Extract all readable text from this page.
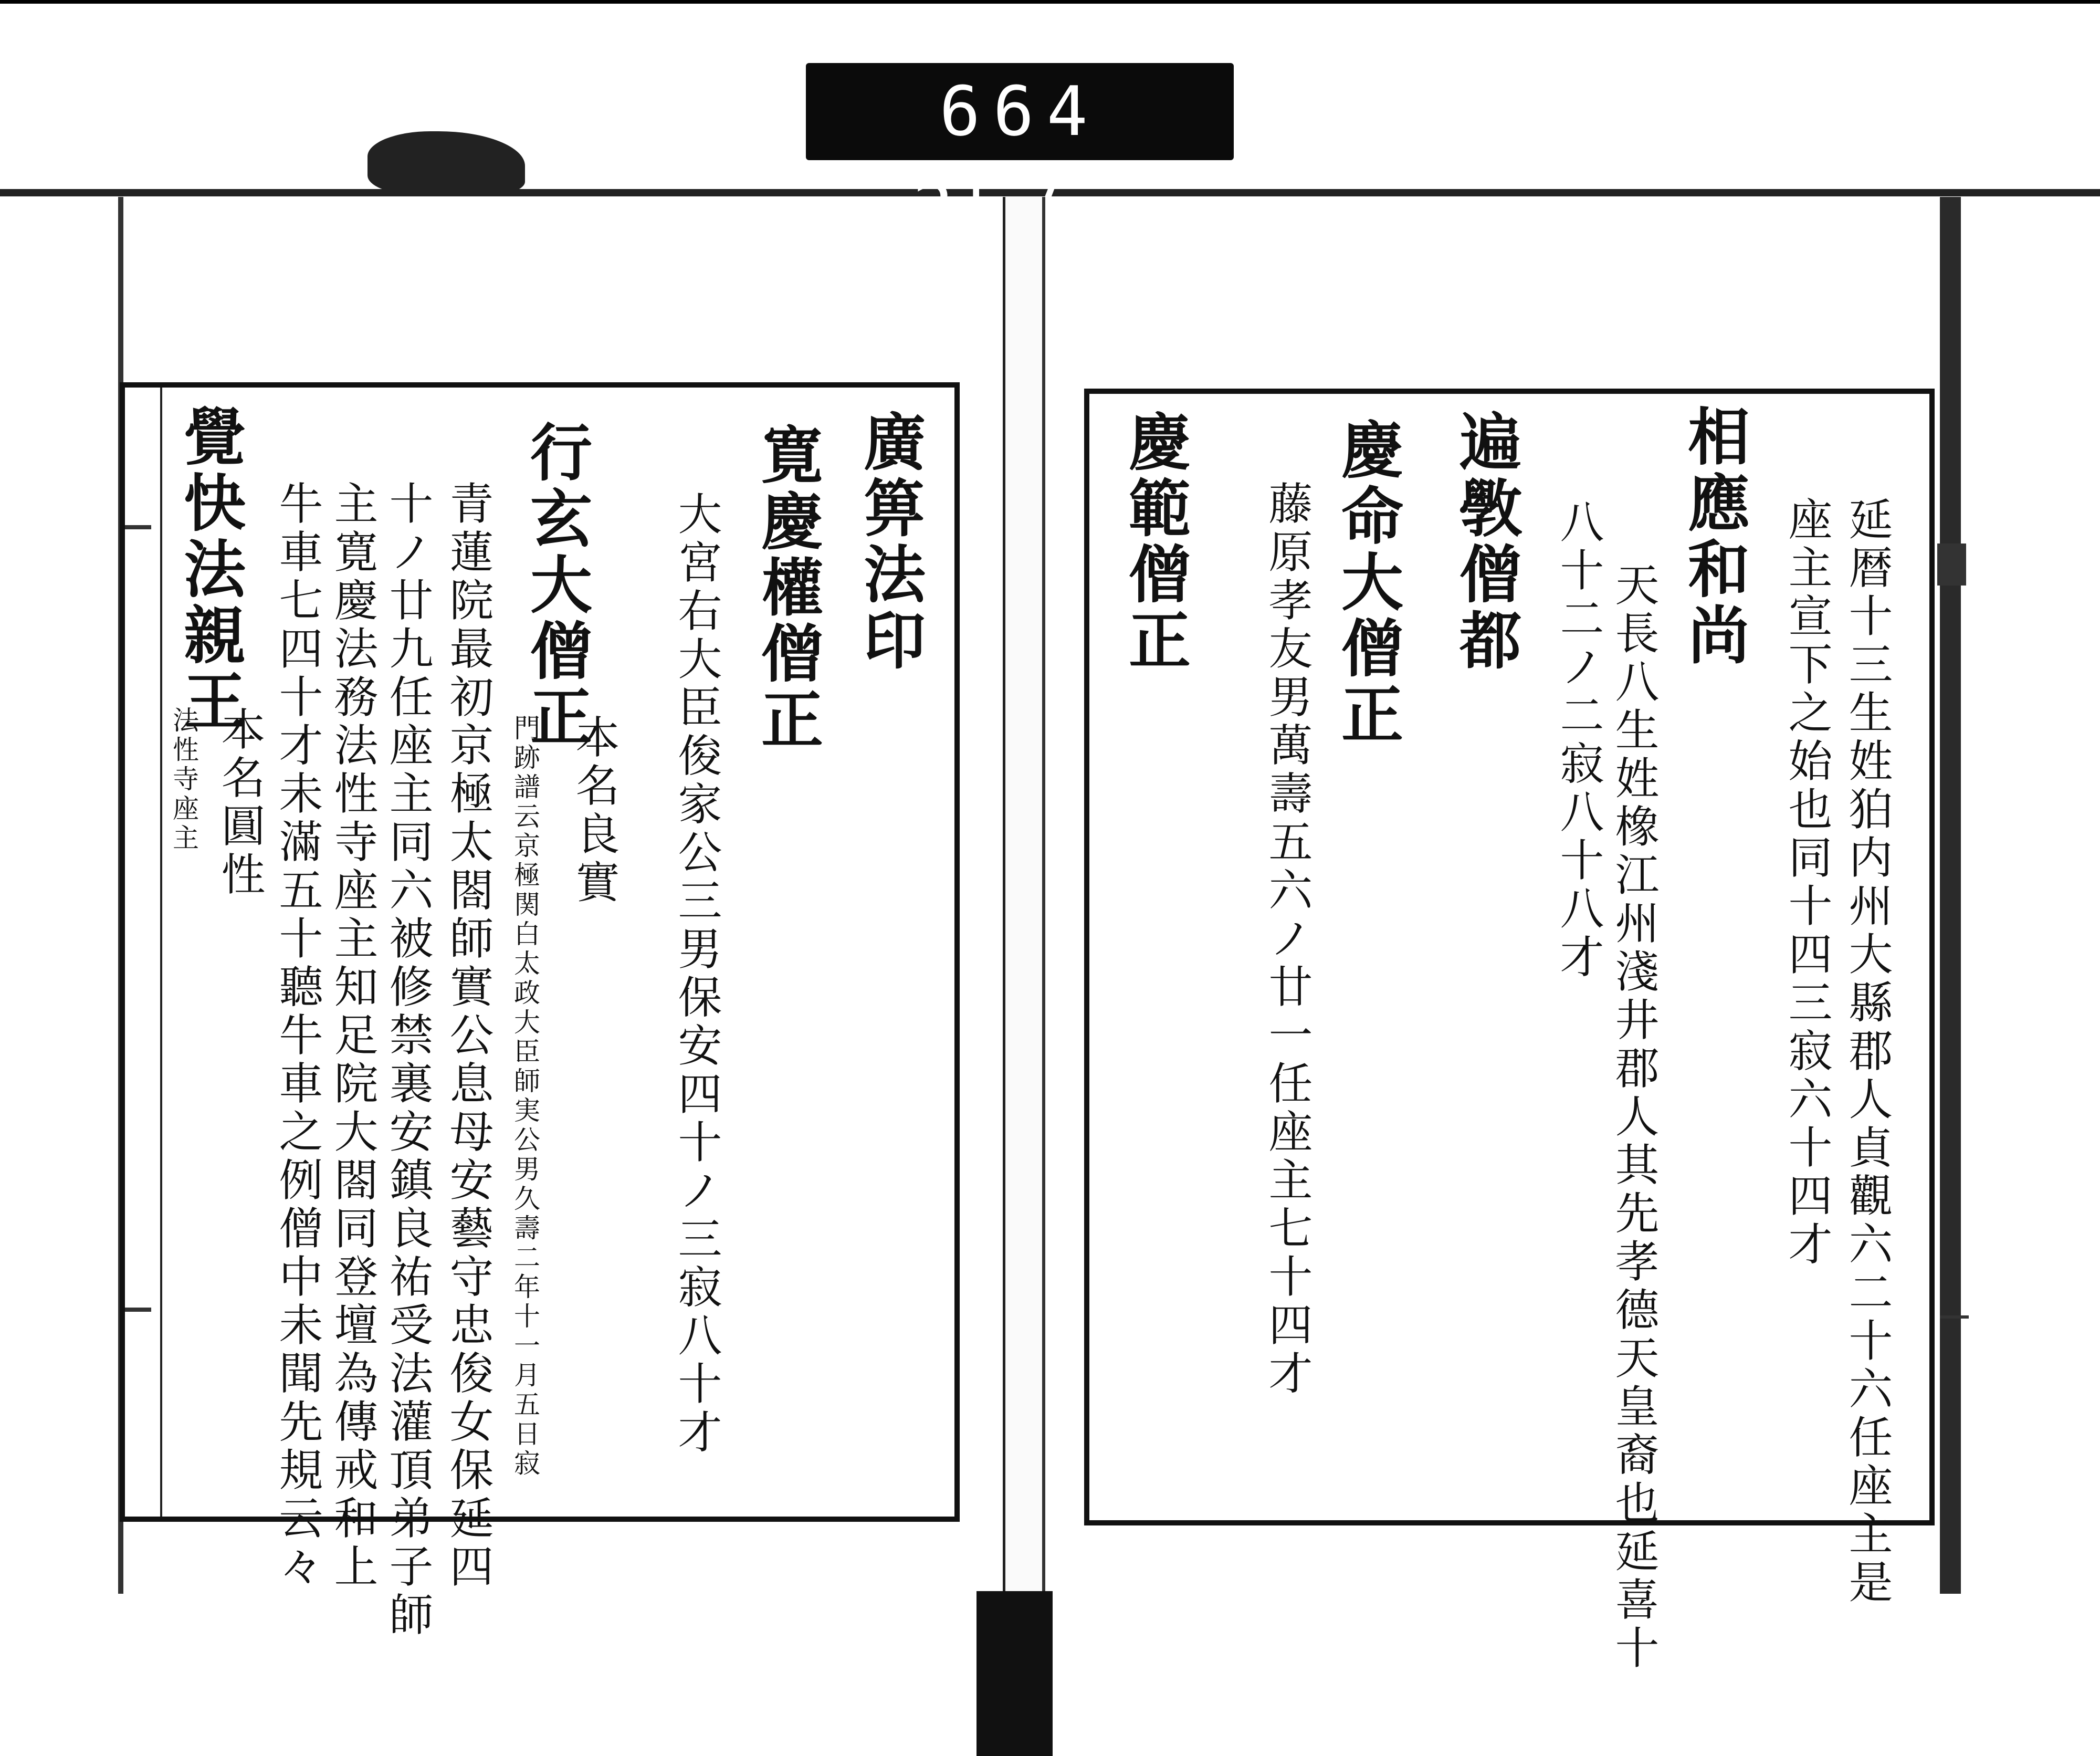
664
廣箅法印
寛慶權僧正
大宮右大臣俊家公三男保安四十ノ三寂八十才
行玄大僧正
本名良實
門跡譜云京極関白太政大臣師実公男久壽二年十一月五日寂
青蓮院最初京極太閤師實公息母安藝守忠俊女保延四
十ノ廿九任座主同六被修禁裏安鎮良祐受法灌頂弟子師
主寛慶法務法性寺座主知足院大閤同登壇為傳戒和上
牛車七四十才未滿五十聽牛車之例僧中未聞先規云々
覺快法親王
本名圓性
法性寺座主	延暦十三生姓狛内州大縣郡人貞觀六二十六任座主是
座主宣下之始也同十四三寂六十四才
相應和尚
天長八生姓橡江州淺井郡人其先孝德天皇裔也延喜十
八十二ノ二寂八十八才
遍斆僧都
慶命大僧正
藤原孝友男萬壽五六ノ廿一任座主七十四才
慶範僧正
